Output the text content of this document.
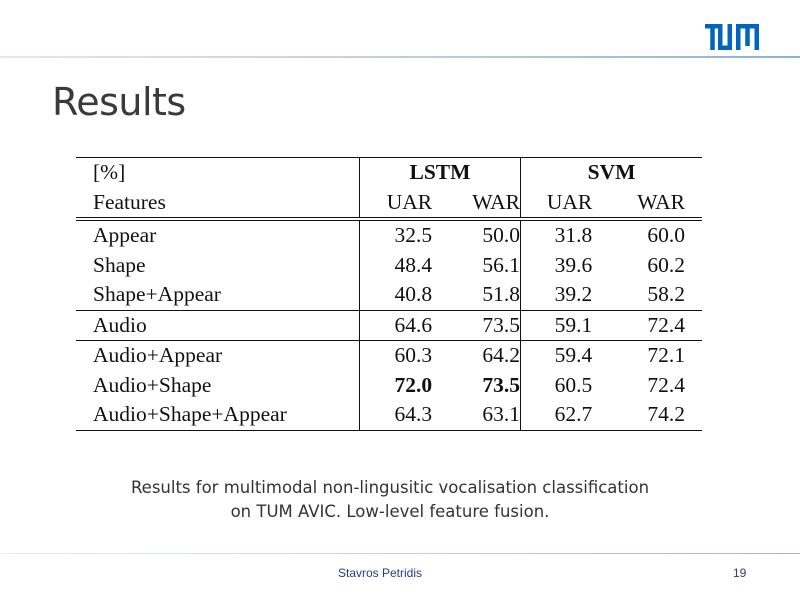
Results
[%]	LSTM		SVM	
Features	UAR	WAR	UAR	WAR
Appear	32.5	50.0	31.8	60.0
Shape	48.4	56.1	39.6	60.2
Shape+Appear	40.8	51.8	39.2	58.2
Audio	64.6	73.5	59.1	72.4
Audio+Appear	60.3	64.2	59.4	72.1
Audio+Shape	72.0	73.5	60.5	72.4
Audio+Shape+Appear	64.3	63.1	62.7	74.2
Results for multimodal non-lingusitic vocalisation classification
on TUM AVIC. Low-level feature fusion.
Stavros Petridis	19
